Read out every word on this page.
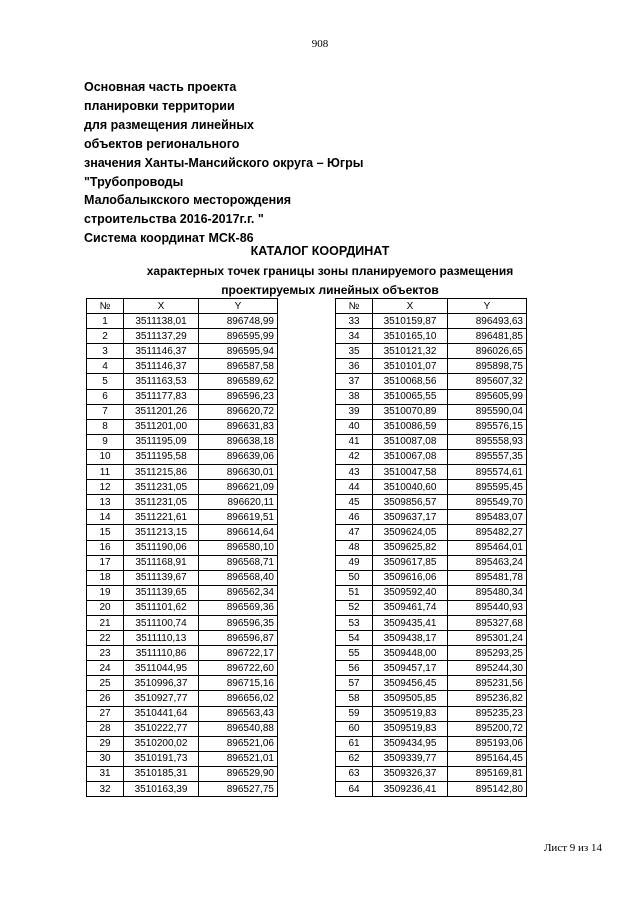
908
Основная часть проекта
планировки территории
для размещения линейных
объектов регионального
значения Ханты-Мансийского округа – Югры
"Трубопроводы
Малобалыкского месторождения
строительства 2016-2017г.г. "
Система координат МСК-86
КАТАЛОГ КООРДИНАТ
характерных точек границы зоны планируемого размещения
проектируемых линейных объектов
№	X	Y
1	3511138,01	896748,99
2	3511137,29	896595,99
3	3511146,37	896595,94
4	3511146,37	896587,58
5	3511163,53	896589,62
6	3511177,83	896596,23
7	3511201,26	896620,72
8	3511201,00	896631,83
9	3511195,09	896638,18
10	3511195,58	896639,06
11	3511215,86	896630,01
12	3511231,05	896621,09
13	3511231,05	896620,11
14	3511221,61	896619,51
15	3511213,15	896614,64
16	3511190,06	896580,10
17	3511168,91	896568,71
18	3511139,67	896568,40
19	3511139,65	896562,34
20	3511101,62	896569,36
21	3511100,74	896596,35
22	3511110,13	896596,87
23	3511110,86	896722,17
24	3511044,95	896722,60
25	3510996,37	896715,16
26	3510927,77	896656,02
27	3510441,64	896563,43
28	3510222,77	896540,88
29	3510200,02	896521,06
30	3510191,73	896521,01
31	3510185,31	896529,90
32	3510163,39	896527,75
№	X	Y
33	3510159,87	896493,63
34	3510165,10	896481,85
35	3510121,32	896026,65
36	3510101,07	895898,75
37	3510068,56	895607,32
38	3510065,55	895605,99
39	3510070,89	895590,04
40	3510086,59	895576,15
41	3510087,08	895558,93
42	3510067,08	895557,35
43	3510047,58	895574,61
44	3510040,60	895595,45
45	3509856,57	895549,70
46	3509637,17	895483,07
47	3509624,05	895482,27
48	3509625,82	895464,01
49	3509617,85	895463,24
50	3509616,06	895481,78
51	3509592,40	895480,34
52	3509461,74	895440,93
53	3509435,41	895327,68
54	3509438,17	895301,24
55	3509448,00	895293,25
56	3509457,17	895244,30
57	3509456,45	895231,56
58	3509505,85	895236,82
59	3509519,83	895235,23
60	3509519,83	895200,72
61	3509434,95	895193,06
62	3509339,77	895164,45
63	3509326,37	895169,81
64	3509236,41	895142,80
Лист 9 из 14
